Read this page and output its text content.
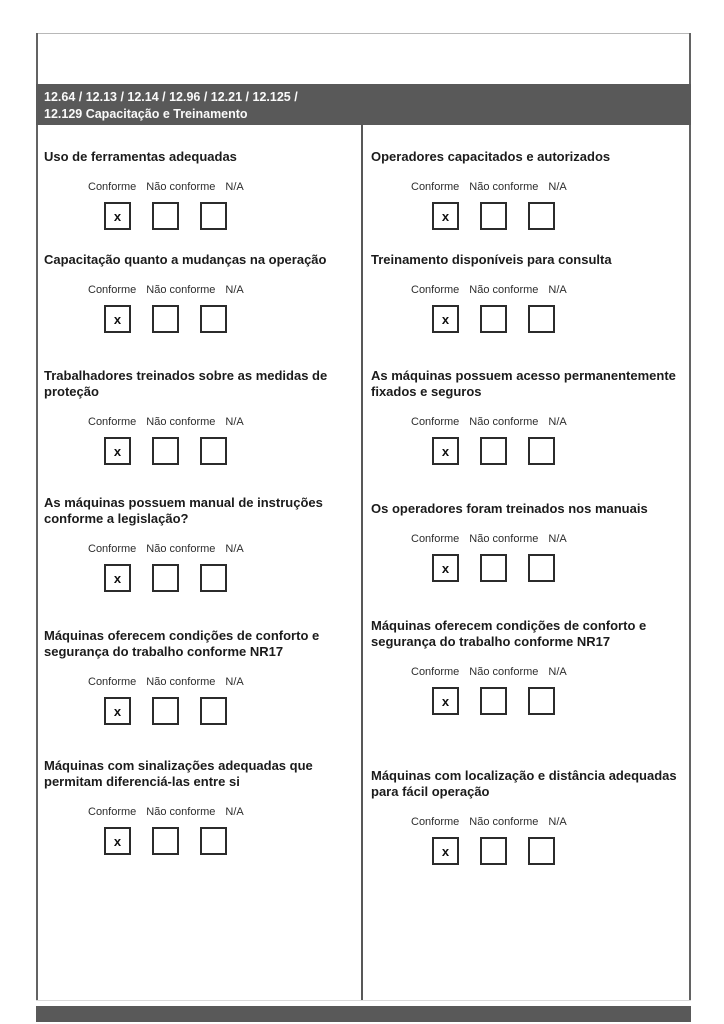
12.64 / 12.13 / 12.14 / 12.96 / 12.21 / 12.125 /
12.129 Capacitação e Treinamento
Uso de ferramentas adequadas
Conforme Não conforme N/A
x
Capacitação quanto a mudanças na operação
Conforme Não conforme N/A
x
Trabalhadores treinados sobre as medidas de proteção
Conforme Não conforme N/A
x
As máquinas possuem manual de instruções conforme a legislação?
Conforme Não conforme N/A
x
Máquinas oferecem condições de conforto e segurança do trabalho conforme NR17
Conforme Não conforme N/A
x
Máquinas com sinalizações adequadas que permitam diferenciá-las entre si
Conforme Não conforme N/A
x
Operadores capacitados e autorizados
Conforme Não conforme N/A
x
Treinamento disponíveis para consulta
Conforme Não conforme N/A
x
As máquinas possuem acesso permanentemente fixados e seguros
Conforme Não conforme N/A
x
Os operadores foram treinados nos manuais
Conforme Não conforme N/A
x
Máquinas oferecem condições de conforto e segurança do trabalho conforme NR17
Conforme Não conforme N/A
x
Máquinas com localização e distância adequadas para fácil operação
Conforme Não conforme N/A
x
